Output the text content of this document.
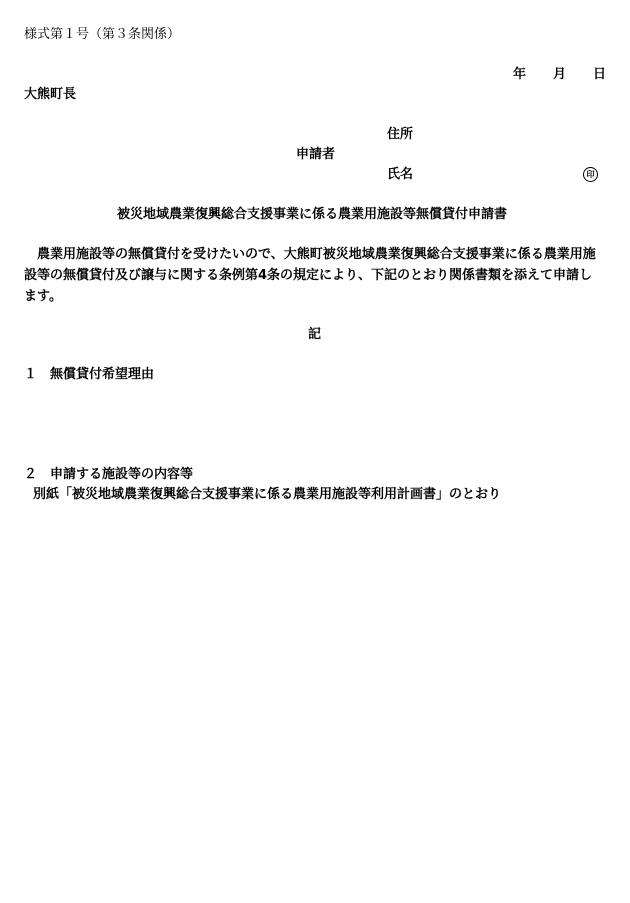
様式第１号（第３条関係）
年 月 日
大熊町長
住所
申請者
氏名	印
被災地域農業復興総合支援事業に係る農業用施設等無償貸付申請書
　農業用施設等の無償貸付を受けたいので、大熊町被災地域農業復興総合支援事業に係る農業用施設等の無償貸付及び譲与に関する条例第4条の規定により、下記のとおり関係書類を添えて申請します。
記
１　無償貸付希望理由
２　申請する施設等の内容等
別紙「被災地域農業復興総合支援事業に係る農業用施設等利用計画書」のとおり
